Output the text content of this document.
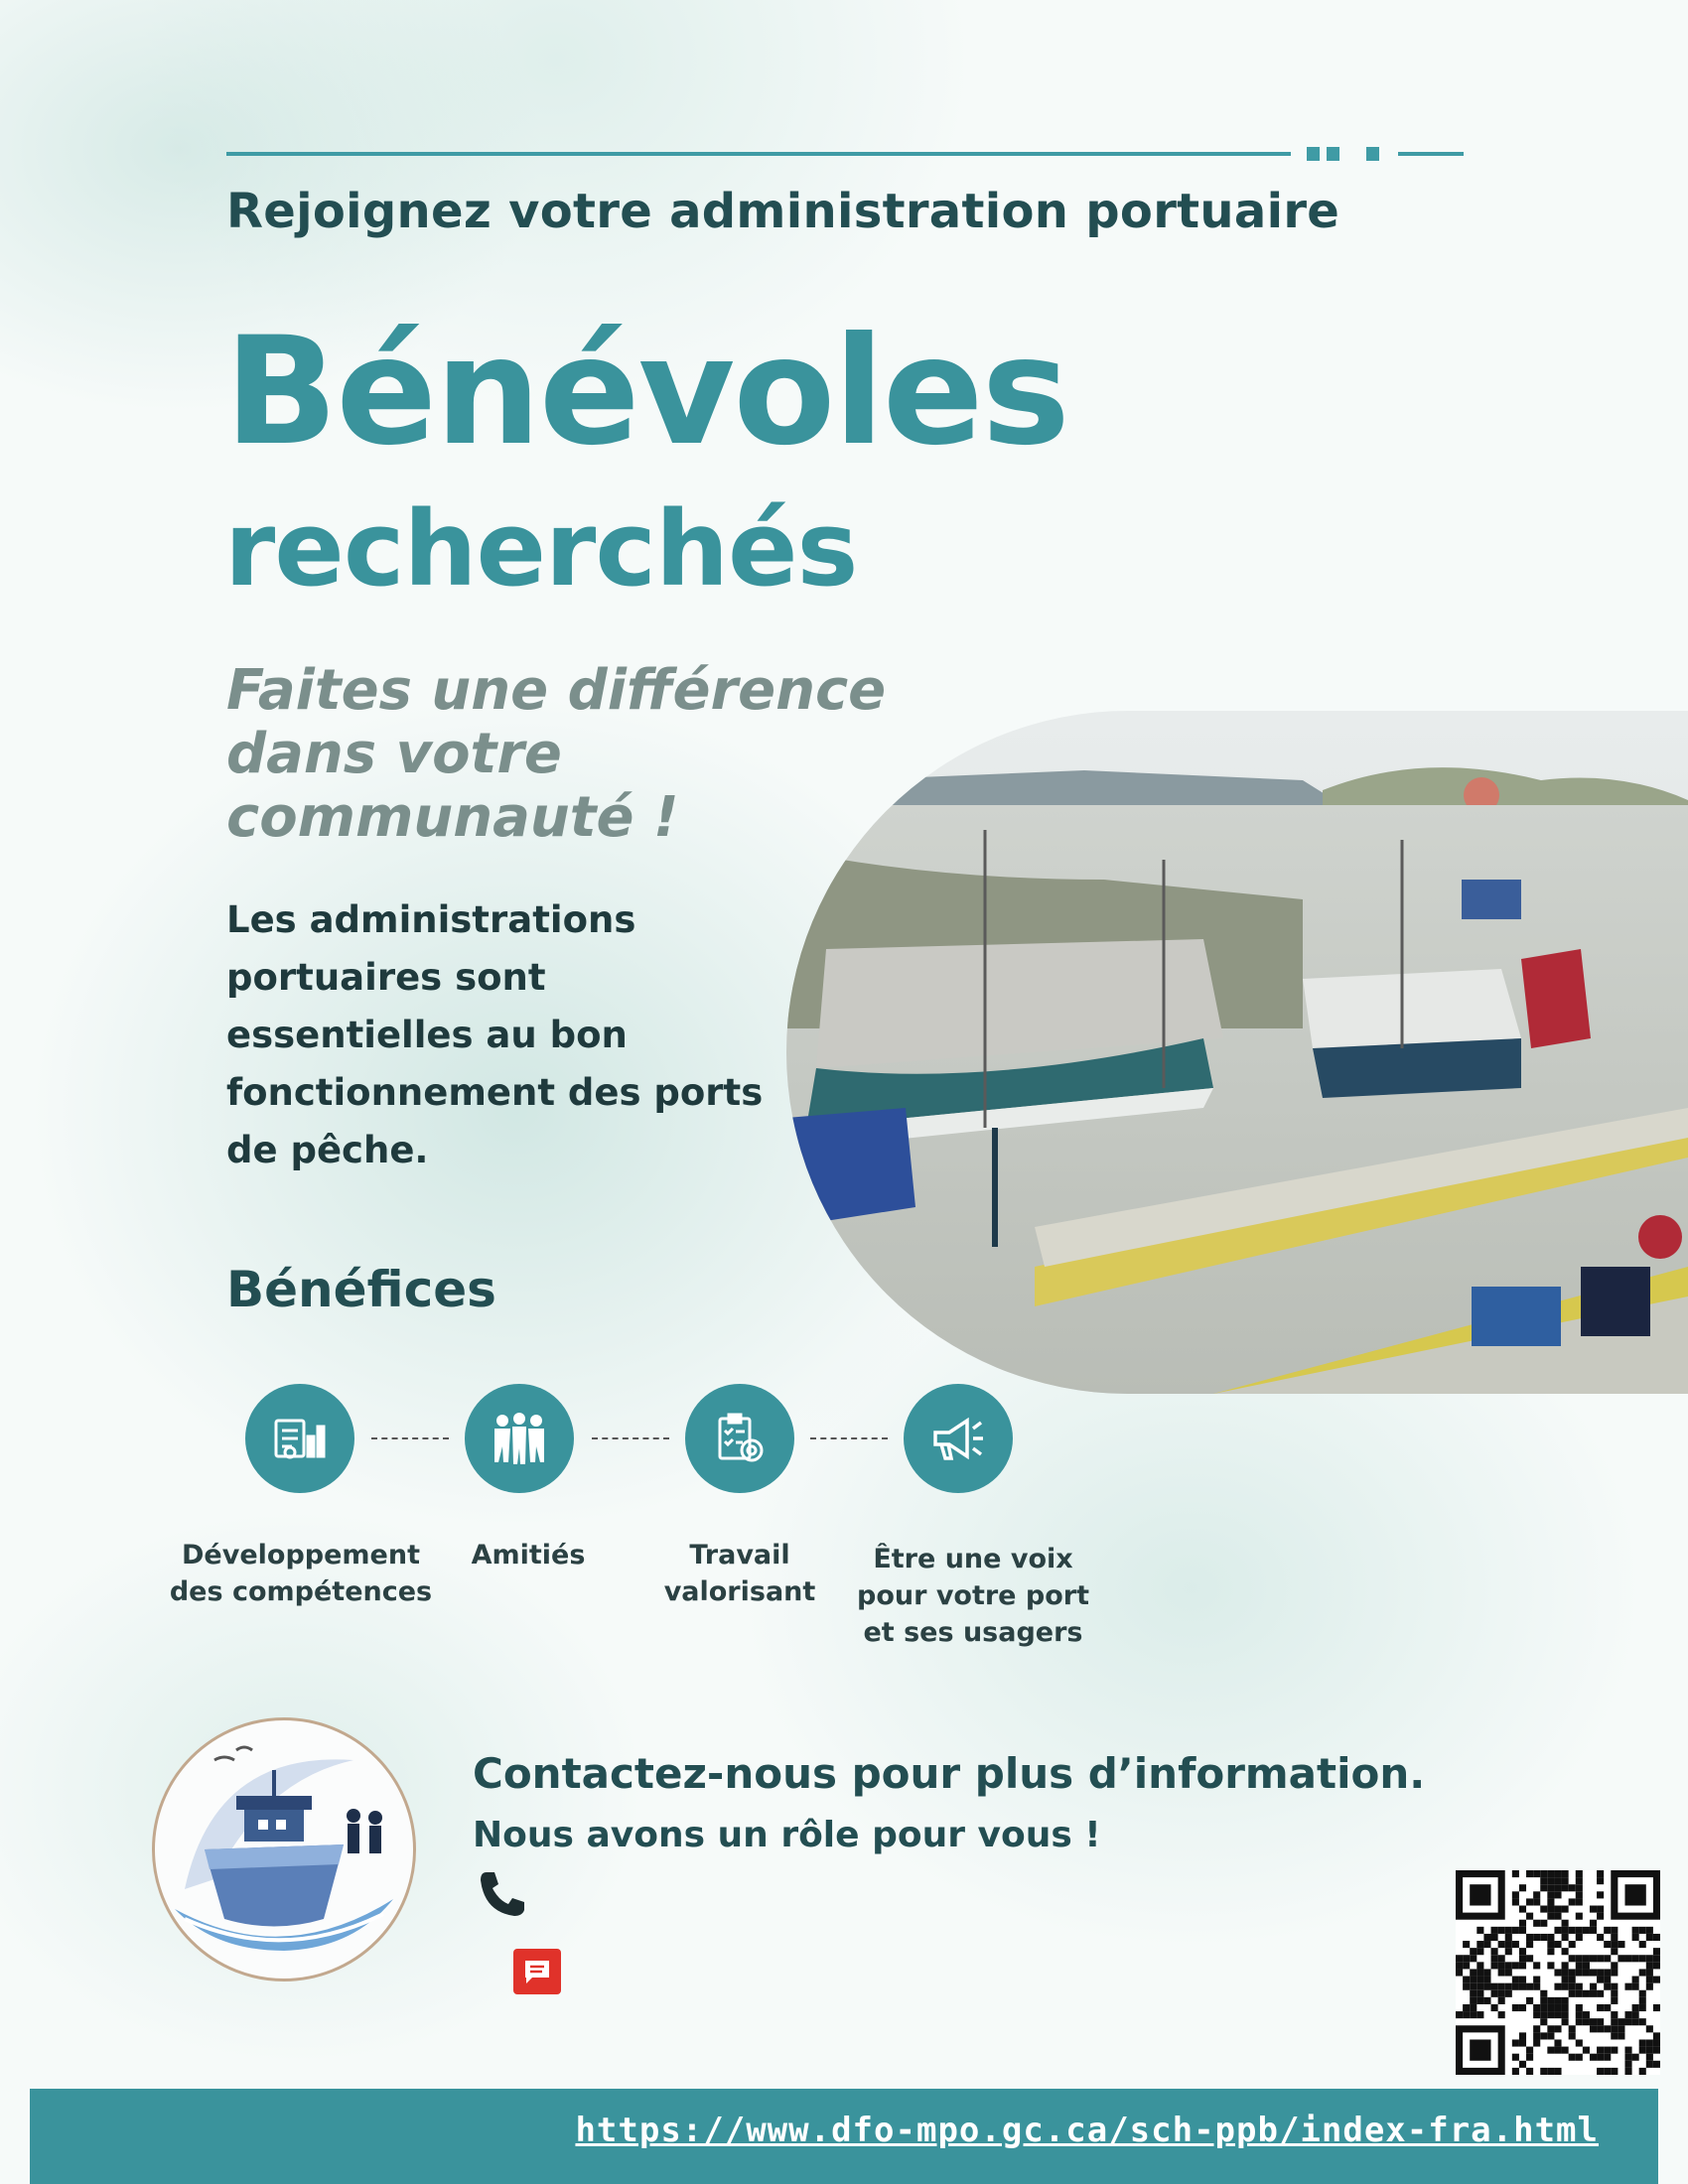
Rejoignez votre administration portuaire
Bénévoles
recherchés
Faites une différence dans votre communauté !
Les administrations portuaires sont essentielles au bon fonctionnement des ports de pêche.
Bénéfices
Développement des compétences
Amitiés	Travail valorisant
Être une voix pour votre port et ses usagers
Contactez-nous pour plus d’information.
Nous avons un rôle pour vous !
https://www.dfo-mpo.gc.ca/sch-ppb/index-fra.html
